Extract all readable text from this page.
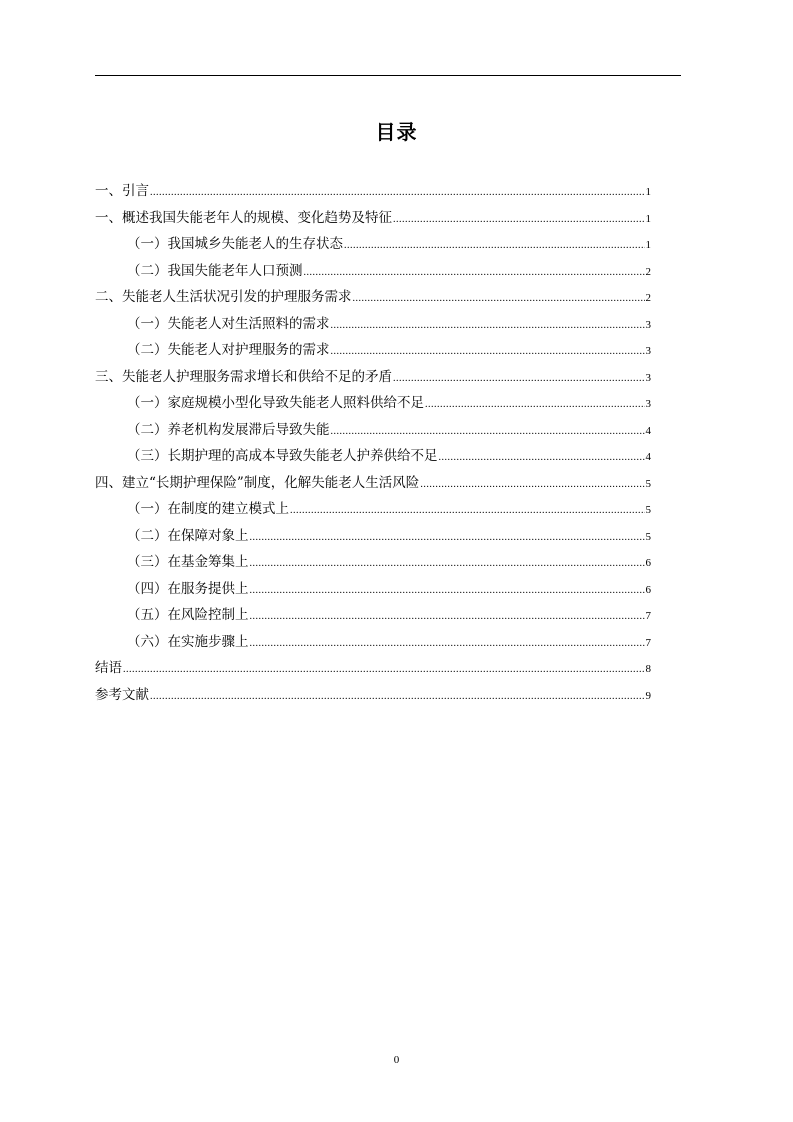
目录
一、引言 .....	1
一、概述我国失能老年人的规模、变化趋势及特征 .....	1
（一）我国城乡失能老人的生存状态 .....	1
（二）我国失能老年人口预测 .....	2
二、失能老人生活状况引发的护理服务需求 .....	2
（一）失能老人对生活照料的需求 .....	3
（二）失能老人对护理服务的需求 .....	3
三、失能老人护理服务需求增长和供给不足的矛盾 .....	3
（一）家庭规模小型化导致失能老人照料供给不足 .....	3
（二）养老机构发展滞后导致失能 .....	4
（三）长期护理的高成本导致失能老人护养供给不足 .....	4
四、建立“长期护理保险”制度，化解失能老人生活风险 .....	5
（一）在制度的建立模式上 .....	5
（二）在保障对象上 .....	5
（三）在基金筹集上 .....	6
（四）在服务提供上 .....	6
（五）在风险控制上 .....	7
（六）在实施步骤上 .....	7
结语 .....	8
参考文献 .....	9
0
